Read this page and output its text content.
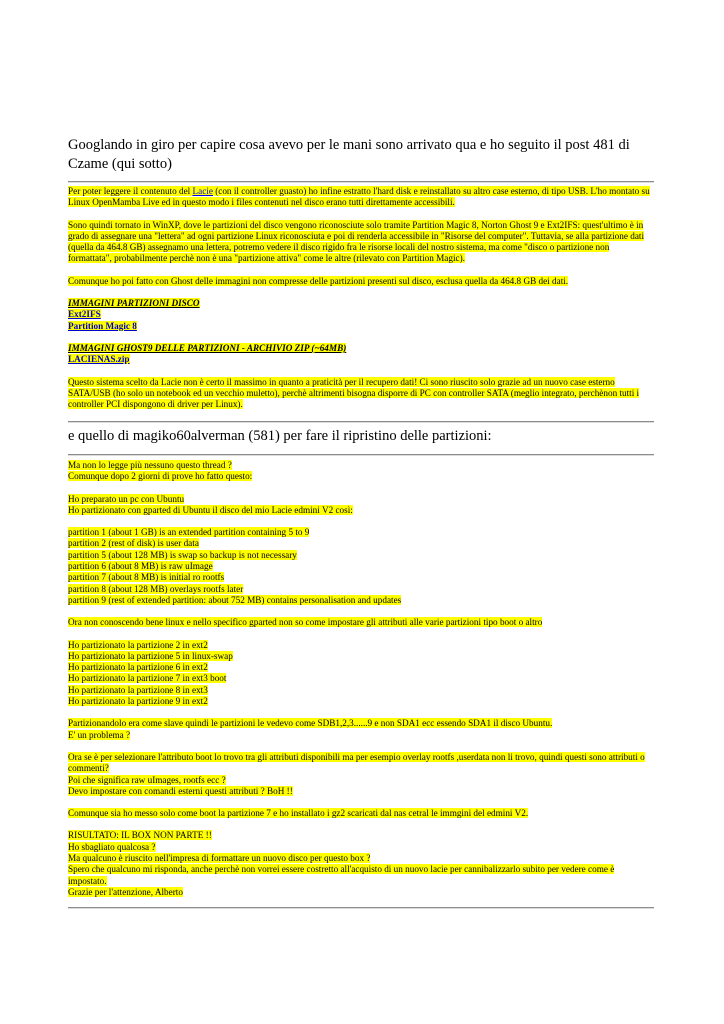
Googlando in giro per capire cosa avevo per le mani sono arrivato qua e ho seguito il post 481 di Czame (qui sotto)

Per poter leggere il contenuto del Lacie (con il controller guasto) ho infine estratto l'hard disk e reinstallato su altro case esterno, di tipo USB. L'ho montato su Linux OpenMamba Live ed in questo modo i files contenuti nel disco erano tutti direttamente accessibili.

Sono quindi tornato in WinXP, dove le partizioni del disco vengono riconosciute solo tramite Partition Magic 8, Norton Ghost 9 e Ext2IFS: quest'ultimo è in grado di assegnare una "lettera" ad ogni partizione Linux riconosciuta e poi di renderla accessibile in "Risorse del computer". Tuttavia, se alla partizione dati (quella da 464.8 GB) assegnamo una lettera, potremo vedere il disco rigido fra le risorse locali del nostro sistema, ma come "disco o partizione non formattata", probabilmente perchè non è una "partizione attiva" come le altre (rilevato con Partition Magic).

Comunque ho poi fatto con Ghost delle immagini non compresse delle partizioni presenti sul disco, esclusa quella da 464.8 GB dei dati.

IMMAGINI PARTIZIONI DISCO

Ext2IFS

Partition Magic 8

IMMAGINI GHOST9 DELLE PARTIZIONI - ARCHIVIO ZIP (~64MB)

LACIENAS.zip

Questo sistema scelto da Lacie non è certo il massimo in quanto a praticità per il recupero dati! Ci sono riuscito solo grazie ad un nuovo case esterno SATA/USB (ho solo un notebook ed un vecchio muletto), perchè altrimenti bisogna disporre di PC con controller SATA (meglio integrato, perchènon tutti i controller PCI dispongono di driver per Linux).

e quello di magiko60alverman (581) per fare il ripristino delle partizioni:

Ma non lo legge più nessuno questo thread ?

Comunque dopo 2 giorni di prove ho fatto questo:

Ho preparato un pc con Ubuntu

Ho partizionato con gparted di Ubuntu il disco del mio Lacie edmini V2 così:

partition 1 (about 1 GB) is an extended partition containing 5 to 9

partition 2 (rest of disk) is user data

partition 5 (about 128 MB) is swap so backup is not necessary

partition 6 (about 8 MB) is raw uImage

partition 7 (about 8 MB) is initial ro rootfs

partition 8 (about 128 MB) overlays rootfs later

partition 9 (rest of extended partition: about 752 MB) contains personalisation and updates

Ora non conoscendo bene linux e nello specifico gparted non so come impostare gli attributi alle varie partizioni tipo boot o altro

Ho partizionato la partizione 2 in ext2

Ho partizionato la partizione 5 in linux-swap

Ho partizionato la partizione 6 in ext2

Ho partizionato la partizione 7 in ext3 boot

Ho partizionato la partizione 8 in ext3

Ho partizionato la partizione 9 in ext2

Partizionandolo era come slave quindi le partizioni le vedevo come SDB1,2,3......9 e non SDA1 ecc essendo SDA1 il disco Ubuntu.

E' un problema ?

Ora se è per selezionare l'attributo boot lo trovo tra gli attributi disponibili ma per esempio overlay rootfs ,userdata non li trovo, quindi questi sono attributi o commenti?

Poi che significa raw uImages, rootfs ecc ?

Devo impostare con comandi esterni questi attributi ? BoH !!

Comunque sia ho messo solo come boot la partizione 7 e ho installato i gz2 scaricati dal nas cetral le immgini del edmini V2.

RISULTATO: IL BOX NON PARTE !!

Ho sbagliato qualcosa ?

Ma qualcuno è riuscito nell'impresa di formattare un nuovo disco per questo box ?

Spero che qualcuno mi risponda, anche perchè non vorrei essere costretto all'acquisto di un nuovo lacie per cannibalizzarlo subito per vedere come è impostato.

Grazie per l'attenzione, Alberto
